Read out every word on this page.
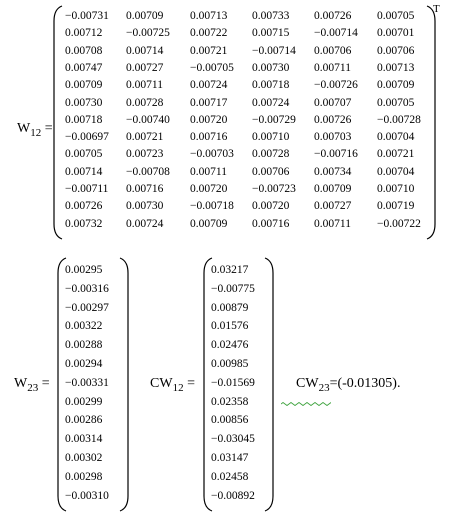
$W_{12}$ =
T
−0.00731 0.00709 0.00713 0.00733 0.00726 0.00705
0.00712 −0.00725 0.00722 0.00715 −0.00714 0.00701
0.00708 0.00714 0.00721 −0.00714 0.00706 0.00706
0.00747 0.00727 −0.00705 0.00730 0.00711 0.00713
0.00709 0.00711 0.00724 0.00718 −0.00726 0.00709
0.00730 0.00728 0.00717 0.00724 0.00707 0.00705
0.00718 −0.00740 0.00720 −0.00729 0.00726 −0.00728
−0.00697 0.00721 0.00716 0.00710 0.00703 0.00704
0.00705 0.00723 −0.00703 0.00728 −0.00716 0.00721
0.00714 −0.00708 0.00711 0.00706 0.00734 0.00704
−0.00711 0.00716 0.00720 −0.00723 0.00709 0.00710
0.00726 0.00730 −0.00718 0.00720 0.00727 0.00719
0.00732 0.00724 0.00709 0.00716 0.00711 −0.00722
$W_{23}$ =
0.00295
−0.00316
−0.00297
0.00322
0.00288
0.00294
−0.00331
0.00299
0.00286
0.00314
0.00302
0.00298
−0.00310
$CW_{12}$ =
0.03217
−0.00775
0.00879
0.01576
0.02476
0.00985
−0.01569
0.02358
0.00856
−0.03045
0.03147
0.02458
−0.00892
$CW_{23}=(-0.01305)$.
